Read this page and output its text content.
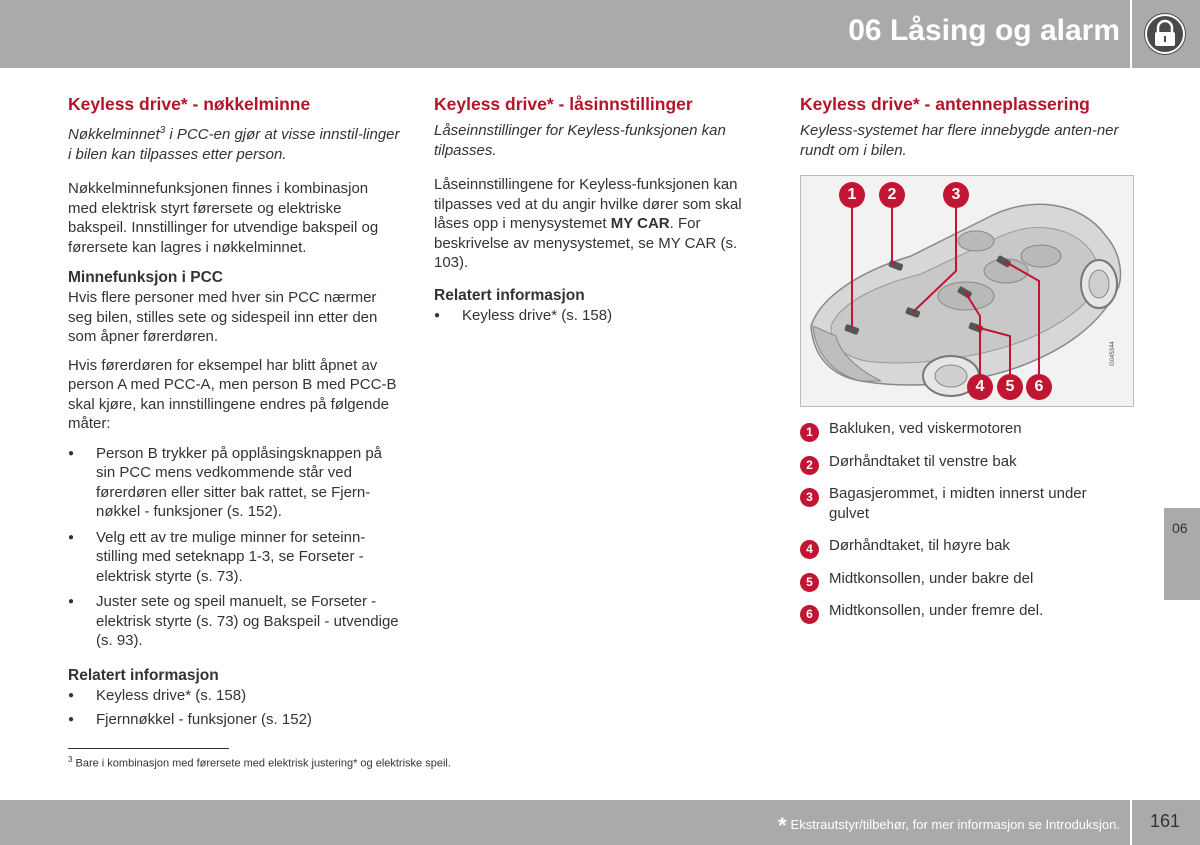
06 Låsing og alarm
Keyless drive* - nøkkelminne
Nøkkelminnet$^3$ i PCC-en gjør at visse innstil-linger i bilen kan tilpasses etter person.
Nøkkelminnefunksjonen finnes i kombinasjon med elektrisk styrt førersete og elektriske bakspeil. Innstillinger for utvendige bakspeil og førersete kan lagres i nøkkelminnet.
Minnefunksjon i PCC
Hvis flere personer med hver sin PCC nærmer seg bilen, stilles sete og sidespeil inn etter den som åpner førerdøren.
Hvis førerdøren for eksempel har blitt åpnet av person A med PCC-A, men person B med PCC-B skal kjøre, kan innstillingene endres på følgende måter:
● Person B trykker på opplåsingsknappen på sin PCC mens vedkommende står ved førerdøren eller sitter bak rattet, se Fjern-nøkkel - funksjoner (s. 152).
● Velg ett av tre mulige minner for seteinn-stilling med seteknapp 1-3, se Forseter - elektrisk styrte (s. 73).
● Juster sete og speil manuelt, se Forseter - elektrisk styrte (s. 73) og Bakspeil - utvendige (s. 93).
Relatert informasjon
● Keyless drive* (s. 158)
● Fjernnøkkel - funksjoner (s. 152)
Keyless drive* - låsinnstillinger
Låseinnstillinger for Keyless-funksjonen kan tilpasses.
Låseinnstillingene for Keyless-funksjonen kan tilpasses ved at du angir hvilke dører som skal låses opp i menysystemet MY CAR. For beskrivelse av menysystemet, se MY CAR (s. 103).
Relatert informasjon
● Keyless drive* (s. 158)
Keyless drive* - antenneplassering
Keyless-systemet har flere innebygde anten-ner rundt om i bilen.
1	2	3
4	5	6
G045344
1	Bakluken, ved viskermotoren
2	Dørhåndtaket til venstre bak
3	Bagasjerommet, i midten innerst under gulvet
4	Dørhåndtaket, til høyre bak
5	Midtkonsollen, under bakre del
6	Midtkonsollen, under fremre del.
06
$^3$ Bare i kombinasjon med førersete med elektrisk justering* og elektriske speil.
* Ekstrautstyr/tilbehør, for mer informasjon se Introduksjon. 161
